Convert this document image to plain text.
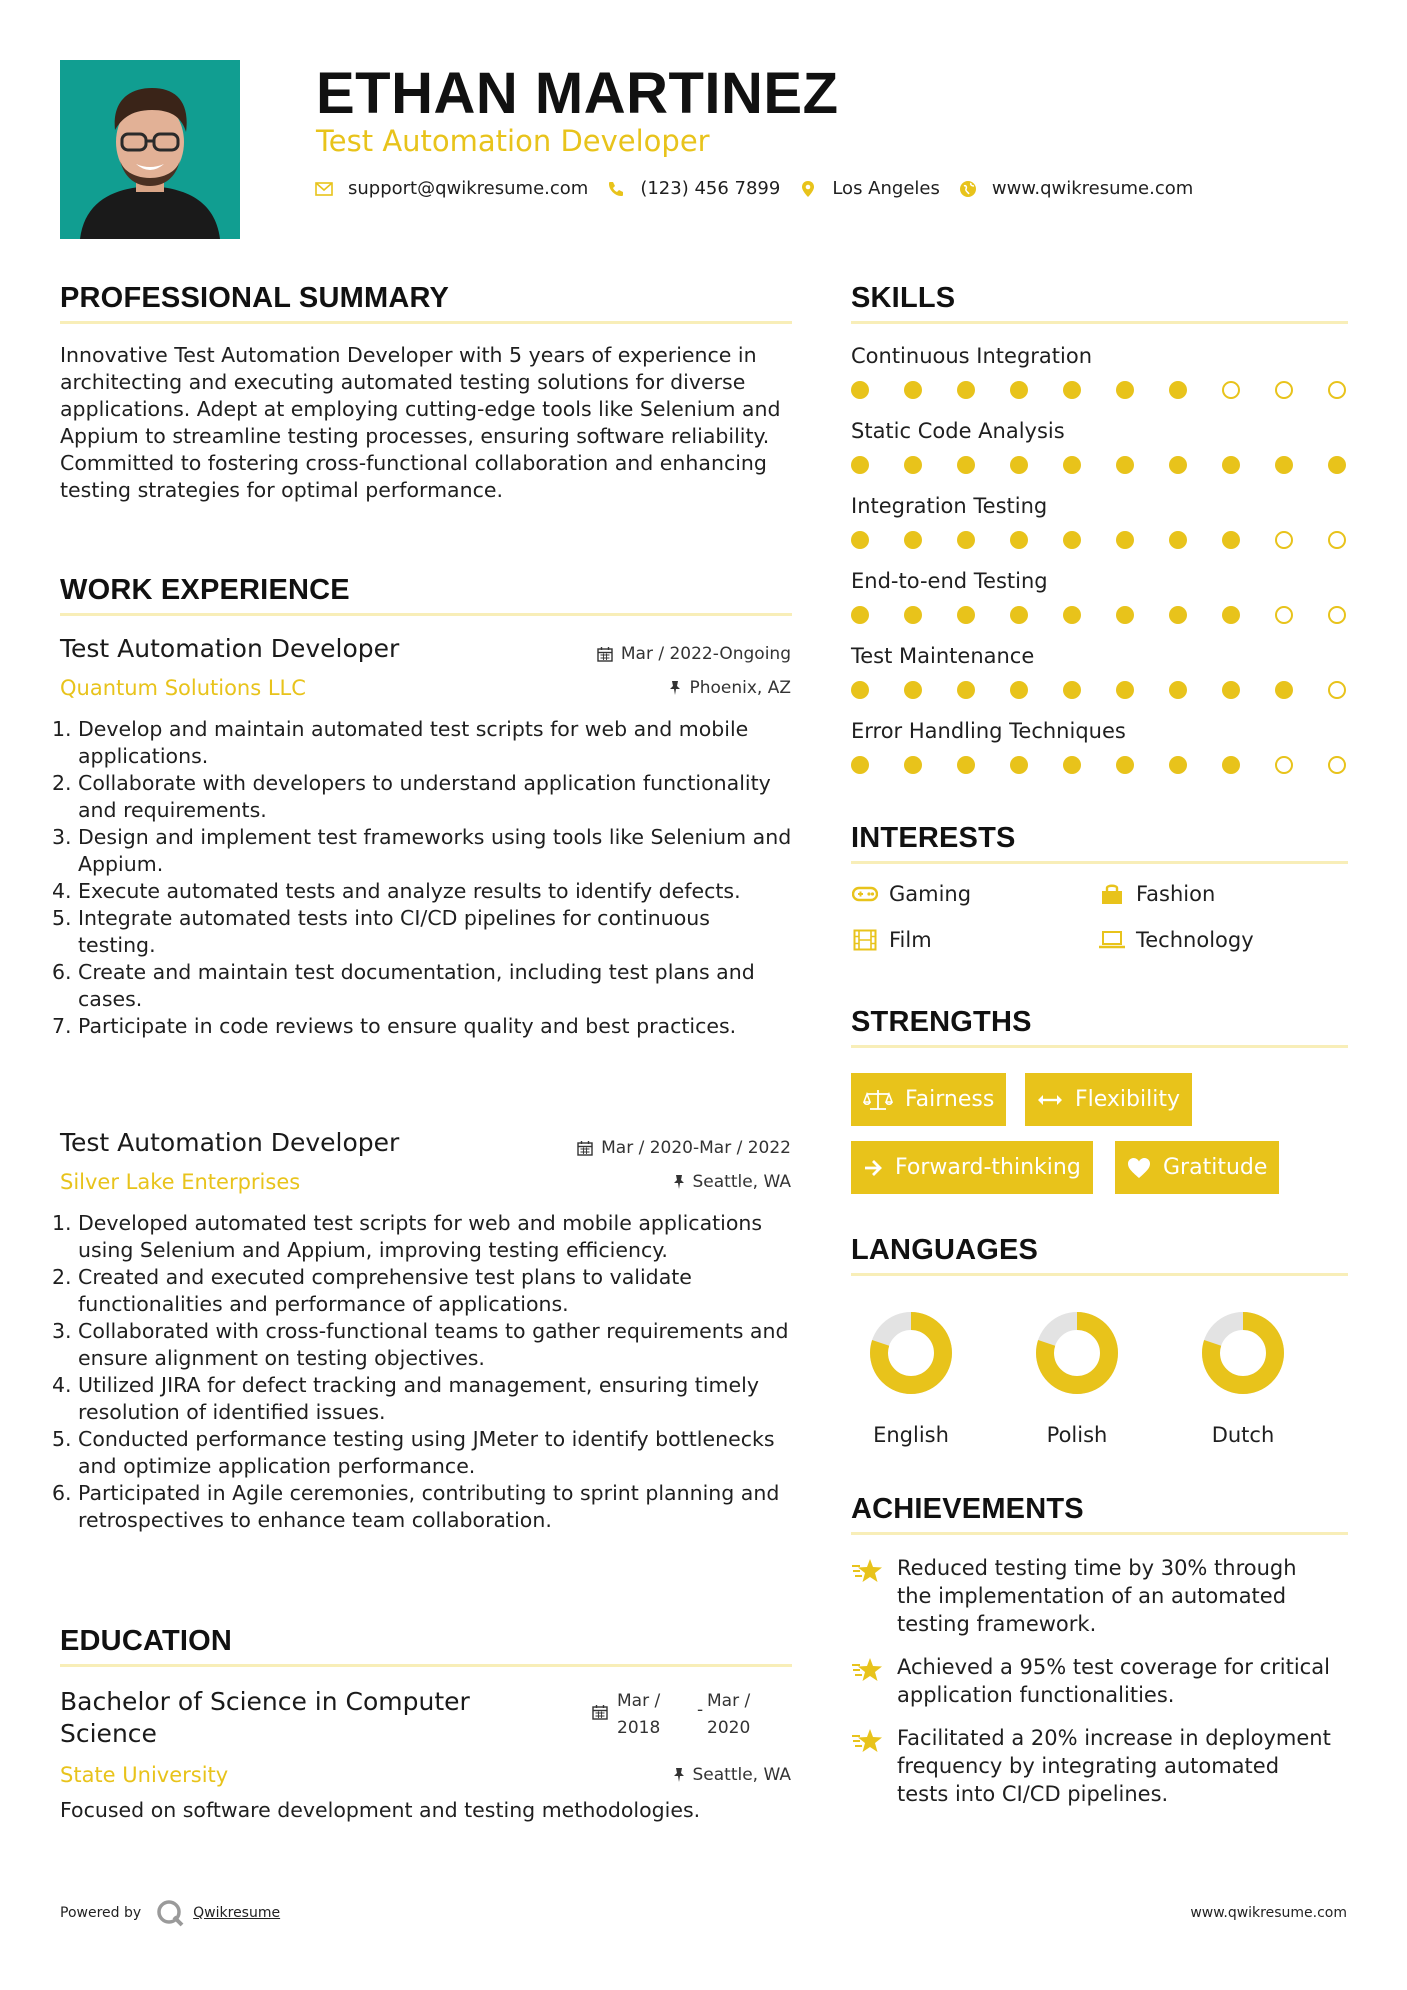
ETHAN MARTINEZ
Test Automation Developer
support@qwikresume.com	(123) 456 7899	Los Angeles	www.qwikresume.com
PROFESSIONAL SUMMARY
Innovative Test Automation Developer with 5 years of experience in architecting and executing automated testing solutions for diverse applications. Adept at employing cutting-edge tools like Selenium and Appium to streamline testing processes, ensuring software reliability. Committed to fostering cross-functional collaboration and enhancing testing strategies for optimal performance.
WORK EXPERIENCE
Test Automation Developer	Mar / 2022-Ongoing
Quantum Solutions LLC	Phoenix, AZ
1. Develop and maintain automated test scripts for web and mobile applications.
2. Collaborate with developers to understand application functionality and requirements.
3. Design and implement test frameworks using tools like Selenium and Appium.
4. Execute automated tests and analyze results to identify defects.
5. Integrate automated tests into CI/CD pipelines for continuous testing.
6. Create and maintain test documentation, including test plans and cases.
7. Participate in code reviews to ensure quality and best practices.
Test Automation Developer	Mar / 2020-Mar / 2022
Silver Lake Enterprises	Seattle, WA
1. Developed automated test scripts for web and mobile applications using Selenium and Appium, improving testing efficiency.
2. Created and executed comprehensive test plans to validate functionalities and performance of applications.
3. Collaborated with cross-functional teams to gather requirements and ensure alignment on testing objectives.
4. Utilized JIRA for defect tracking and management, ensuring timely resolution of identified issues.
5. Conducted performance testing using JMeter to identify bottlenecks and optimize application performance.
6. Participated in Agile ceremonies, contributing to sprint planning and retrospectives to enhance team collaboration.
EDUCATION
Bachelor of Science in Computer Science
Mar /
2018
- Mar /
2020
State University	Seattle, WA
Focused on software development and testing methodologies.
SKILLS
Continuous Integration
Static Code Analysis
Integration Testing
End-to-end Testing
Test Maintenance
Error Handling Techniques
INTERESTS
Gaming	Fashion
Film	Technology
STRENGTHS
Fairness	Flexibility
Forward-thinking	Gratitude
LANGUAGES
English	Polish	Dutch
ACHIEVEMENTS
Reduced testing time by 30% through the implementation of an automated testing framework.
Achieved a 95% test coverage for critical application functionalities.
Facilitated a 20% increase in deployment frequency by integrating automated tests into CI/CD pipelines.
Powered by	Qwikresume	www.qwikresume.com
